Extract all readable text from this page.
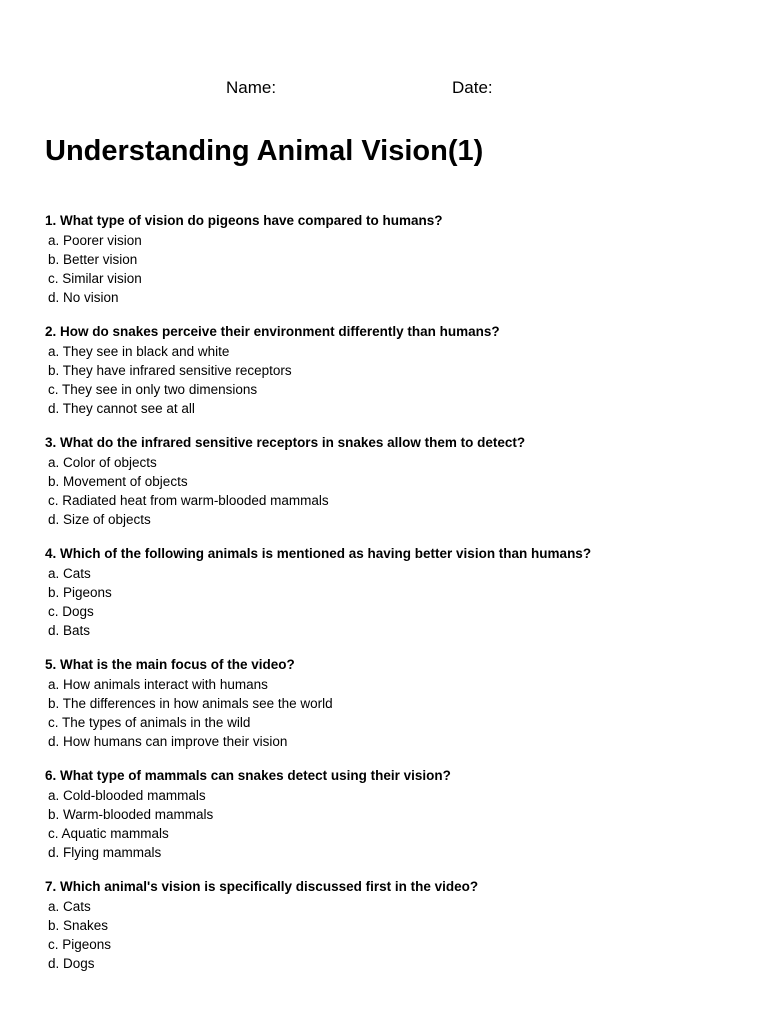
Name:	Date:
Understanding Animal Vision(1)
1. What type of vision do pigeons have compared to humans?
a. Poorer vision
b. Better vision
c. Similar vision
d. No vision
2. How do snakes perceive their environment differently than humans?
a. They see in black and white
b. They have infrared sensitive receptors
c. They see in only two dimensions
d. They cannot see at all
3. What do the infrared sensitive receptors in snakes allow them to detect?
a. Color of objects
b. Movement of objects
c. Radiated heat from warm-blooded mammals
d. Size of objects
4. Which of the following animals is mentioned as having better vision than humans?
a. Cats
b. Pigeons
c. Dogs
d. Bats
5. What is the main focus of the video?
a. How animals interact with humans
b. The differences in how animals see the world
c. The types of animals in the wild
d. How humans can improve their vision
6. What type of mammals can snakes detect using their vision?
a. Cold-blooded mammals
b. Warm-blooded mammals
c. Aquatic mammals
d. Flying mammals
7. Which animal's vision is specifically discussed first in the video?
a. Cats
b. Snakes
c. Pigeons
d. Dogs
